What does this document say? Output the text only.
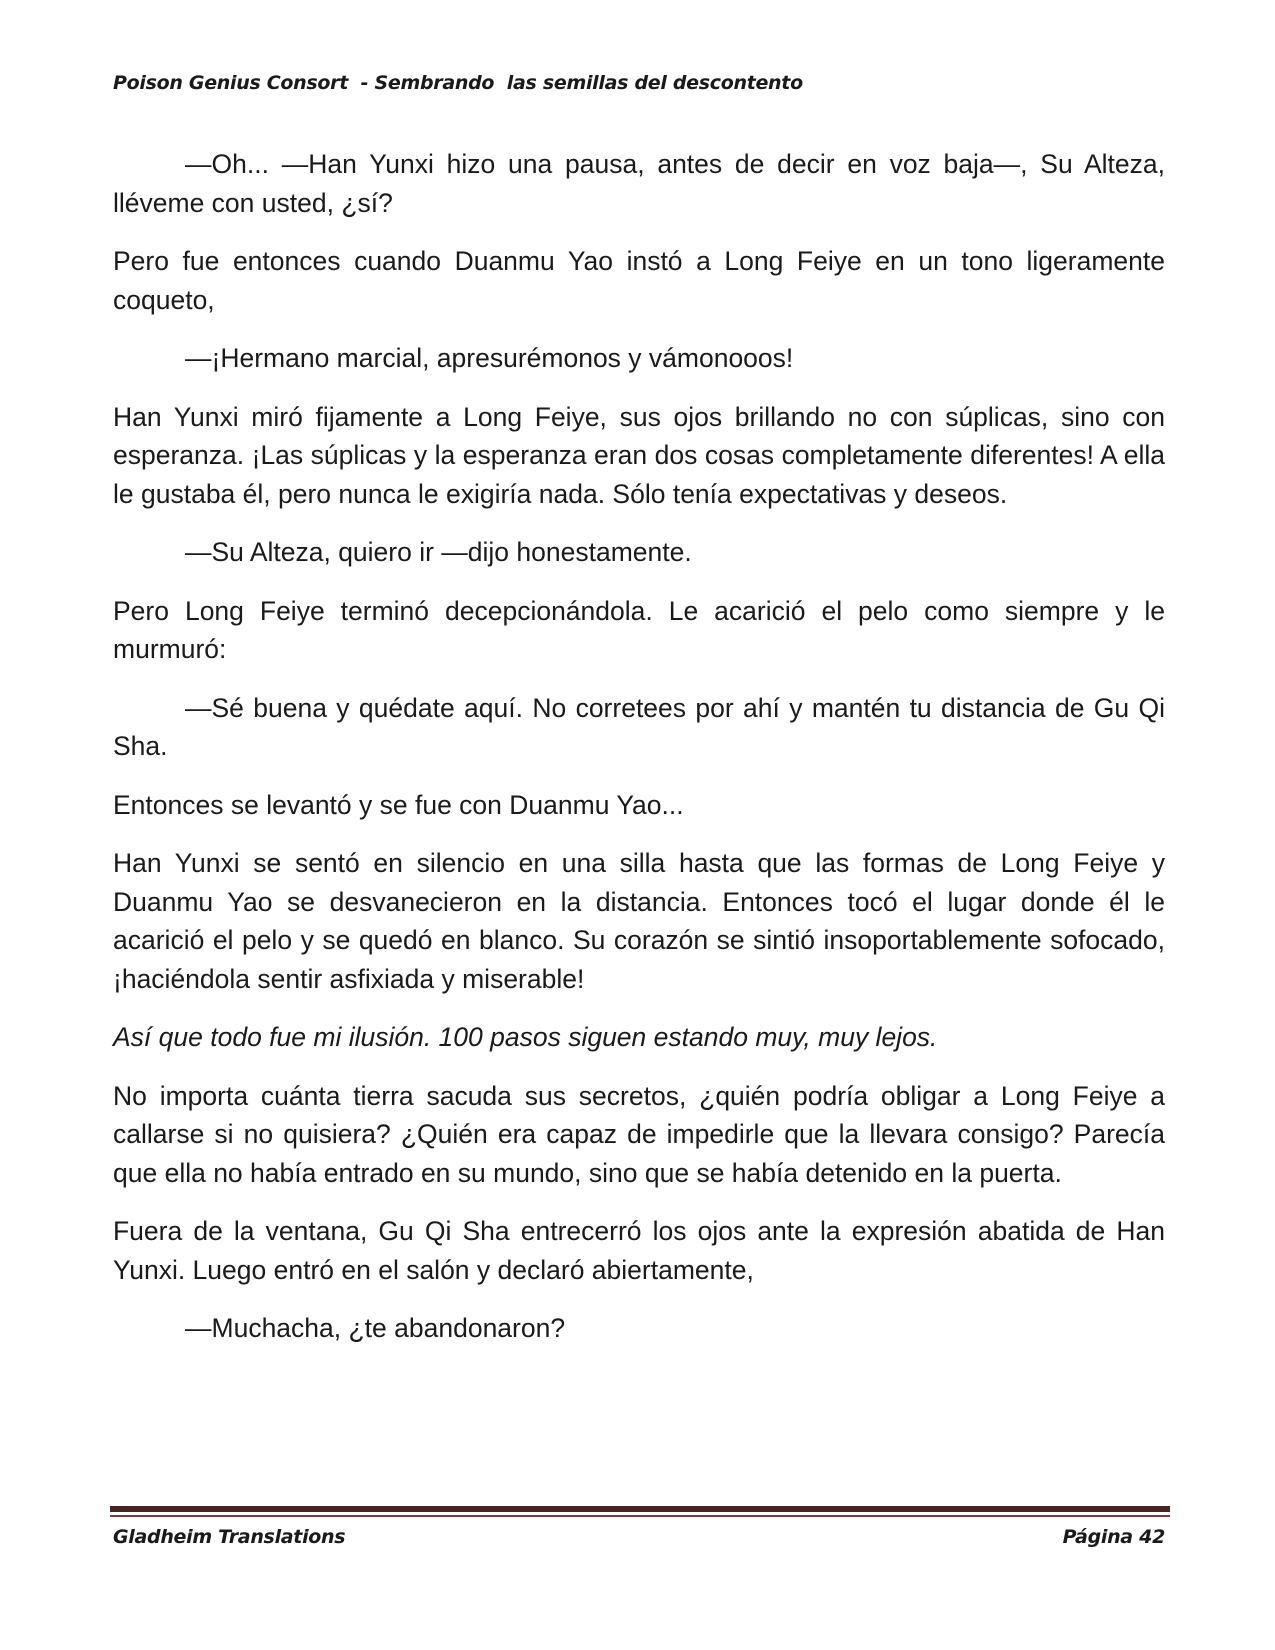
Poison Genius Consort  - Sembrando  las semillas del descontento

—Oh... —Han Yunxi hizo una pausa, antes de decir en voz baja—, Su Alteza, lléveme con usted, ¿sí?

Pero fue entonces cuando Duanmu Yao instó a Long Feiye en un tono ligeramente coqueto,

—¡Hermano marcial, apresurémonos y vámonooos!

Han Yunxi miró fijamente a Long Feiye, sus ojos brillando no con súplicas, sino con esperanza. ¡Las súplicas y la esperanza eran dos cosas completamente diferentes! A ella le gustaba él, pero nunca le exigiría nada. Sólo tenía expectativas y deseos.

—Su Alteza, quiero ir —dijo honestamente.

Pero Long Feiye terminó decepcionándola. Le acarició el pelo como siempre y le murmuró:

—Sé buena y quédate aquí. No corretees por ahí y mantén tu distancia de Gu Qi Sha.

Entonces se levantó y se fue con Duanmu Yao...

Han Yunxi se sentó en silencio en una silla hasta que las formas de Long Feiye y Duanmu Yao se desvanecieron en la distancia. Entonces tocó el lugar donde él le acarició el pelo y se quedó en blanco. Su corazón se sintió insoportablemente sofocado, ¡haciéndola sentir asfixiada y miserable!

Así que todo fue mi ilusión. 100 pasos siguen estando muy, muy lejos.

No importa cuánta tierra sacuda sus secretos, ¿quién podría obligar a Long Feiye a callarse si no quisiera? ¿Quién era capaz de impedirle que la llevara consigo? Parecía que ella no había entrado en su mundo, sino que se había detenido en la puerta.

Fuera de la ventana, Gu Qi Sha entrecerró los ojos ante la expresión abatida de Han Yunxi. Luego entró en el salón y declaró abiertamente,

—Muchacha, ¿te abandonaron?

Gladheim Translations	Página 42
